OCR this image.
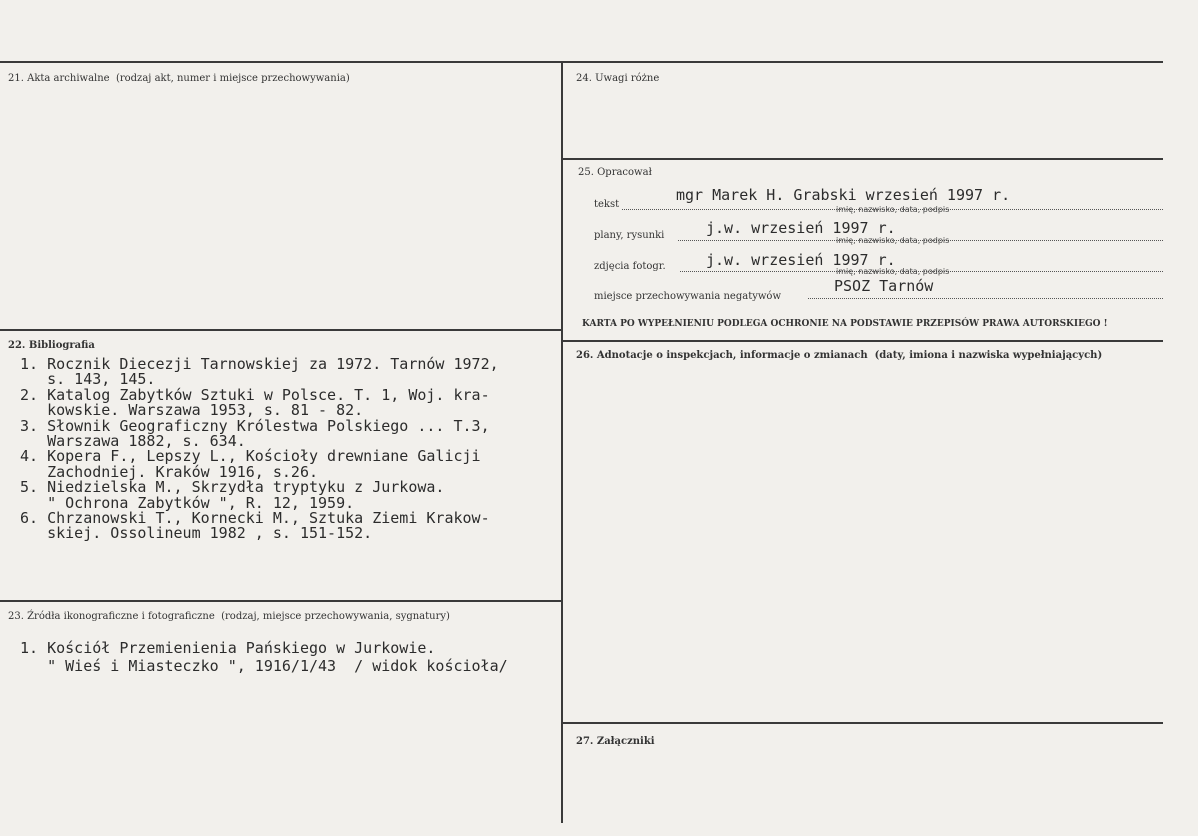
21. Akta archiwalne (rodzaj akt, numer i miejsce przechowywania)
22. Bibliografia
1. Rocznik Diecezji Tarnowskiej za 1972. Tarnów 1972,
s. 143, 145.
2. Katalog Zabytków Sztuki w Polsce. T. 1, Woj. kra-
kowskie. Warszawa 1953, s. 81 - 82.
3. Słownik Geograficzny Królestwa Polskiego ... T.3,
Warszawa 1882, s. 634.
4. Kopera F., Lepszy L., Kościoły drewniane Galicji
Zachodniej. Kraków 1916, s.26.
5. Niedzielska M., Skrzydła tryptyku z Jurkowa.
" Ochrona Zabytków ", R. 12, 1959.
6. Chrzanowski T., Kornecki M., Sztuka Ziemi Krakow-
skiej. Ossolineum 1982 , s. 151-152.
23. Źródła ikonograficzne i fotograficzne (rodzaj, miejsce przechowywania, sygnatury)
1. Kościół Przemienienia Pańskiego w Jurkowie.
" Wieś i Miasteczko ", 1916/1/43  / widok kościoła/
24. Uwagi różne
25. Opracował
tekst
mgr Marek H. Grabski wrzesień 1997 r.
imię, nazwisko, data, podpis
plany, rysunki	j.w. wrzesień 1997 r.
imię, nazwisko, data, podpis
zdjęcia fotogr.	j.w. wrzesień 1997 r.
imię, nazwisko, data, podpis
miejsce przechowywania negatywów
PSOZ Tarnów
KARTA PO WYPEŁNIENIU PODLEGA OCHRONIE NA PODSTAWIE PRZEPISÓW PRAWA AUTORSKIEGO !
26. Adnotacje o inspekcjach, informacje o zmianach (daty, imiona i nazwiska wypełniających)
27. Załączniki
